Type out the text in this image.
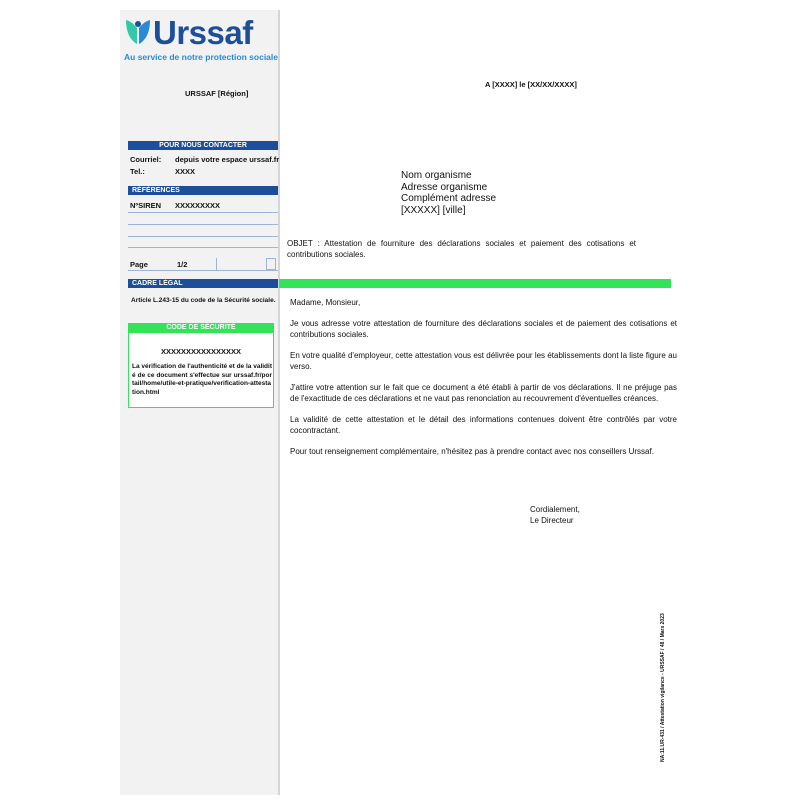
Urssaf
Au service de notre protection sociale
URSSAF [Région]
A [XXXX] le [XX/XX/XXXX]
POUR NOUS CONTACTER
Courriel: depuis votre espace urssaf.fr
Tel.:	XXXX
RÉFÉRENCES
NºSIREN XXXXXXXXX
Page	1/2
CADRE LÉGAL
Article L.243-15 du code de la Sécurité sociale.
CODE DE SÉCURITÉ
XXXXXXXXXXXXXXXX
La vérification de l'authenticité et de la validité de ce document s'effectue sur urssaf.fr/portail/home/utile-et-pratique/verification-attestation.html
Nom organisme
Adresse organisme
Complément adresse
[XXXXX] [ville]
OBJET : Attestation de fourniture des déclarations sociales et paiement des cotisations et contributions sociales.

Madame, Monsieur,

Je vous adresse votre attestation de fourniture des déclarations sociales et de paiement des cotisations et contributions sociales.

En votre qualité d'employeur, cette attestation vous est délivrée pour les établissements dont la liste figure au verso.

J'attire votre attention sur le fait que ce document a été établi à partir de vos déclarations. Il ne préjuge pas de l'exactitude de ces déclarations et ne vaut pas renonciation au recouvrement d'éventuelles créances.

La validité de cette attestation et le détail des informations contenues doivent être contrôlés par votre cocontractant.

Pour tout renseignement complémentaire, n'hésitez pas à prendre contact avec nos conseillers Urssaf.

Cordialement,
Le Directeur
NA:11.UR-431 / Attestation vigilance - URSSAF / 48 / Mars 2023
